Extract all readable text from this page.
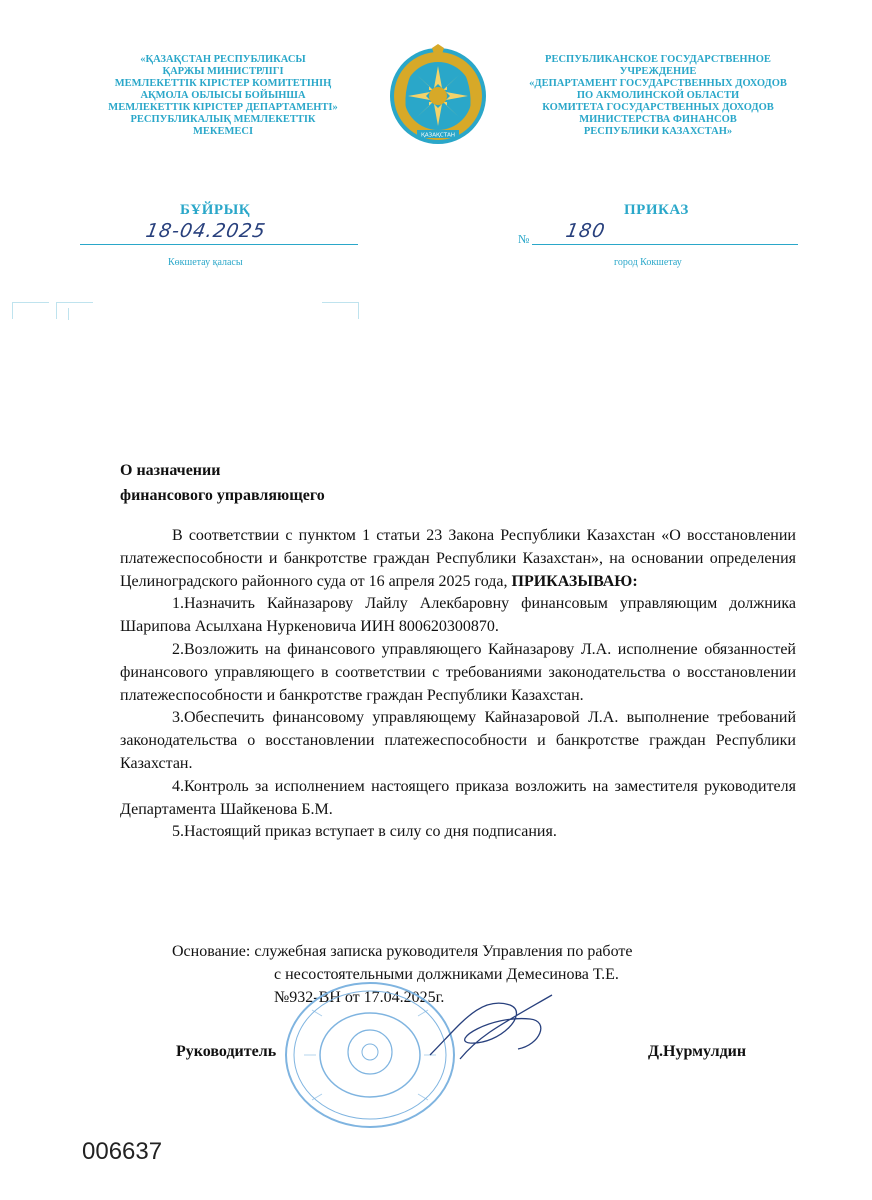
«ҚАЗАҚСТАН РЕСПУБЛИКАСЫ
ҚАРЖЫ МИНИСТРЛІГІ
МЕМЛЕКЕТТІК КІРІСТЕР КОМИТЕТІНІҢ
АҚМОЛА ОБЛЫСЫ БОЙЫНША
МЕМЛЕКЕТТІК КІРІСТЕР ДЕПАРТАМЕНТІ»
РЕСПУБЛИКАЛЫҚ МЕМЛЕКЕТТІК
МЕКЕМЕСІ	ҚАЗАҚСТАН
РЕСПУБЛИКАНСКОЕ ГОСУДАРСТВЕННОЕ
УЧРЕЖДЕНИЕ
«ДЕПАРТАМЕНТ ГОСУДАРСТВЕННЫХ ДОХОДОВ
ПО АКМОЛИНСКОЙ ОБЛАСТИ
КОМИТЕТА ГОСУДАРСТВЕННЫХ ДОХОДОВ
МИНИСТЕРСТВА ФИНАНСОВ
РЕСПУБЛИКИ КАЗАХСТАН»
БҰЙРЫҚ	ПРИКАЗ
18-04.2025	№ 180
Көкшетау қаласы	город Кокшетау
О назначении
финансового управляющего

В соответствии с пунктом 1 статьи 23 Закона Республики Казахстан «О восстановлении платежеспособности и банкротстве граждан Республики Казахстан», на основании определения Целиноградского районного суда от 16 апреля 2025 года, ПРИКАЗЫВАЮ:

1.Назначить Кайназарову Лайлу Алекбаровну финансовым управляющим должника Шарипова Асылхана Нуркеновича ИИН 800620300870.

2.Возложить на финансового управляющего Кайназарову Л.А. исполнение обязанностей финансового управляющего в соответствии с требованиями законодательства о восстановлении платежеспособности и банкротстве граждан Республики Казахстан.

3.Обеспечить финансовому управляющему Кайназаровой Л.А. выполнение требований законодательства о восстановлении платежеспособности и банкротстве граждан Республики Казахстан.

4.Контроль за исполнением настоящего приказа возложить на заместителя руководителя Департамента Шайкенова Б.М.

5.Настоящий приказ вступает в силу со дня подписания.

Основание: служебная записка руководителя Управления по работе
с несостоятельными должниками Демесинова Т.Е.
№932-ВН от 17.04.2025г.
Руководитель	Д.Нурмулдин
006637
